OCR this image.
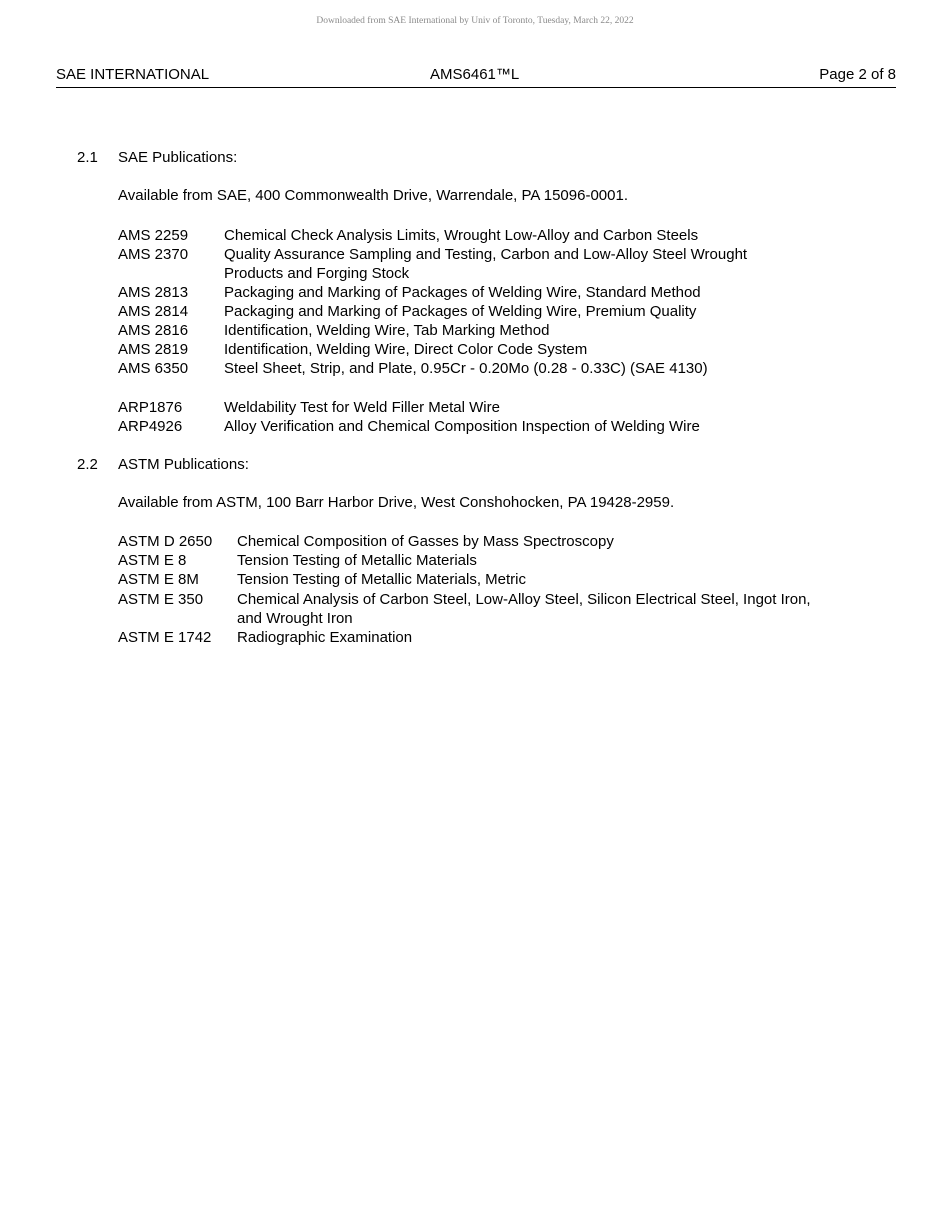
Downloaded from SAE International by Univ of Toronto, Tuesday, March 22, 2022
SAE INTERNATIONAL	AMS6461™L	Page 2 of 8
2.1 SAE Publications:
Available from SAE, 400 Commonwealth Drive, Warrendale, PA 15096-0001.
AMS 2259 Chemical Check Analysis Limits, Wrought Low-Alloy and Carbon Steels
AMS 2370 Quality Assurance Sampling and Testing, Carbon and Low-Alloy Steel Wrought Products and Forging Stock
AMS 2813 Packaging and Marking of Packages of Welding Wire, Standard Method
AMS 2814 Packaging and Marking of Packages of Welding Wire, Premium Quality
AMS 2816 Identification, Welding Wire, Tab Marking Method
AMS 2819 Identification, Welding Wire, Direct Color Code System
AMS 6350 Steel Sheet, Strip, and Plate, 0.95Cr - 0.20Mo (0.28 - 0.33C) (SAE 4130)
ARP1876	Weldability Test for Weld Filler Metal Wire
ARP4926	Alloy Verification and Chemical Composition Inspection of Welding Wire
2.2 ASTM Publications:
Available from ASTM, 100 Barr Harbor Drive, West Conshohocken, PA 19428-2959.
ASTM D 2650 Chemical Composition of Gasses by Mass Spectroscopy
ASTM E 8	Tension Testing of Metallic Materials
ASTM E 8M	Tension Testing of Metallic Materials, Metric
ASTM E 350 Chemical Analysis of Carbon Steel, Low-Alloy Steel, Silicon Electrical Steel, Ingot Iron, and Wrought Iron
ASTM E 1742 Radiographic Examination
